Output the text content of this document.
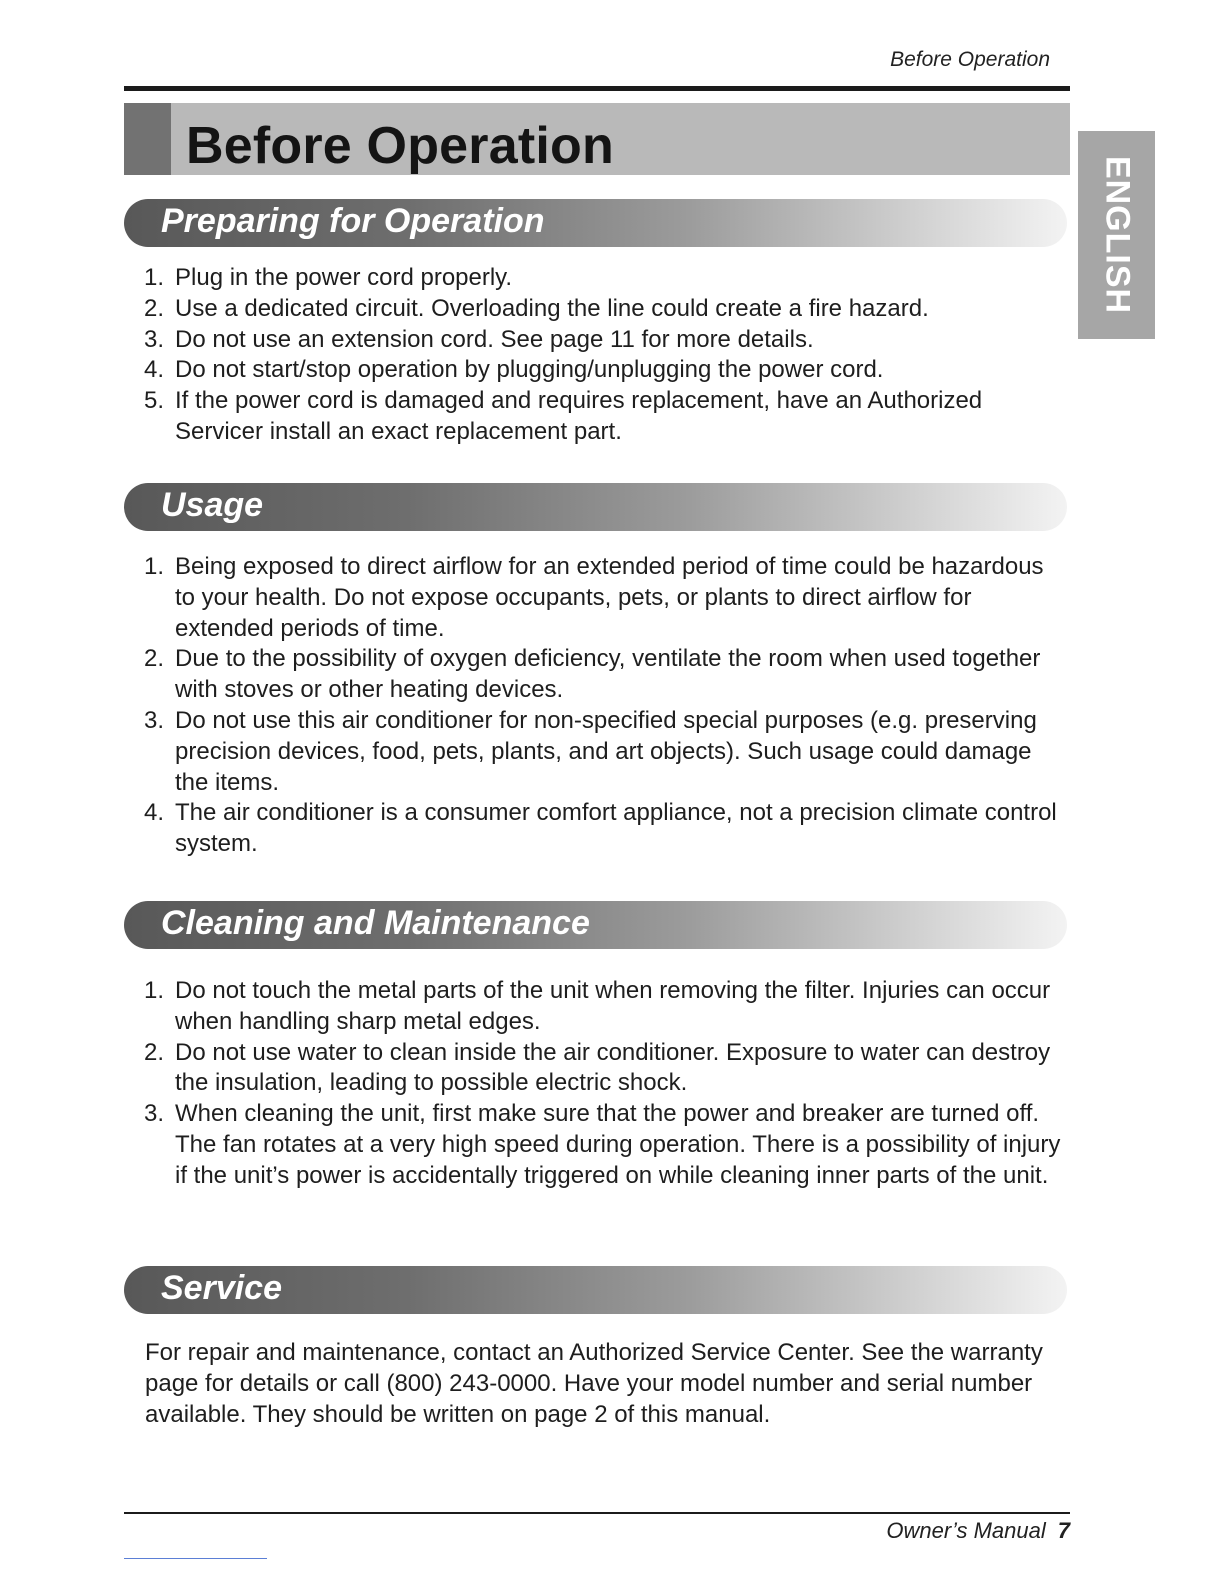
Before Operation
Before Operation
ENGLISH
Preparing for Operation
1. Plug in the power cord properly.
2. Use a dedicated circuit. Overloading the line could create a fire hazard.
3. Do not use an extension cord. See page 11 for more details.
4. Do not start/stop operation by plugging/unplugging the power cord.
5. If the power cord is damaged and requires replacement, have an Authorized Servicer install an exact replacement part.
Usage
1. Being exposed to direct airflow for an extended period of time could be hazardous to your health. Do not expose occupants, pets, or plants to direct airflow for extended periods of time.
2. Due to the possibility of oxygen deficiency, ventilate the room when used together with stoves or other heating devices.
3. Do not use this air conditioner for non-specified special purposes (e.g. preserving precision devices, food, pets, plants, and art objects). Such usage could damage the items.
4. The air conditioner is a consumer comfort appliance, not a precision climate control system.
Cleaning and Maintenance
1. Do not touch the metal parts of the unit when removing the filter. Injuries can occur when handling sharp metal edges.
2. Do not use water to clean inside the air conditioner. Exposure to water can destroy the insulation, leading to possible electric shock.
3. When cleaning the unit, first make sure that the power and breaker are turned off. The fan rotates at a very high speed during operation. There is a possibility of injury if the unit’s power is accidentally triggered on while cleaning inner parts of the unit.
Service

For repair and maintenance, contact an Authorized Service Center. See the warranty page for details or call (800) 243-0000. Have your model number and serial number available. They should be written on page 2 of this manual.

Owner’s Manual 7
